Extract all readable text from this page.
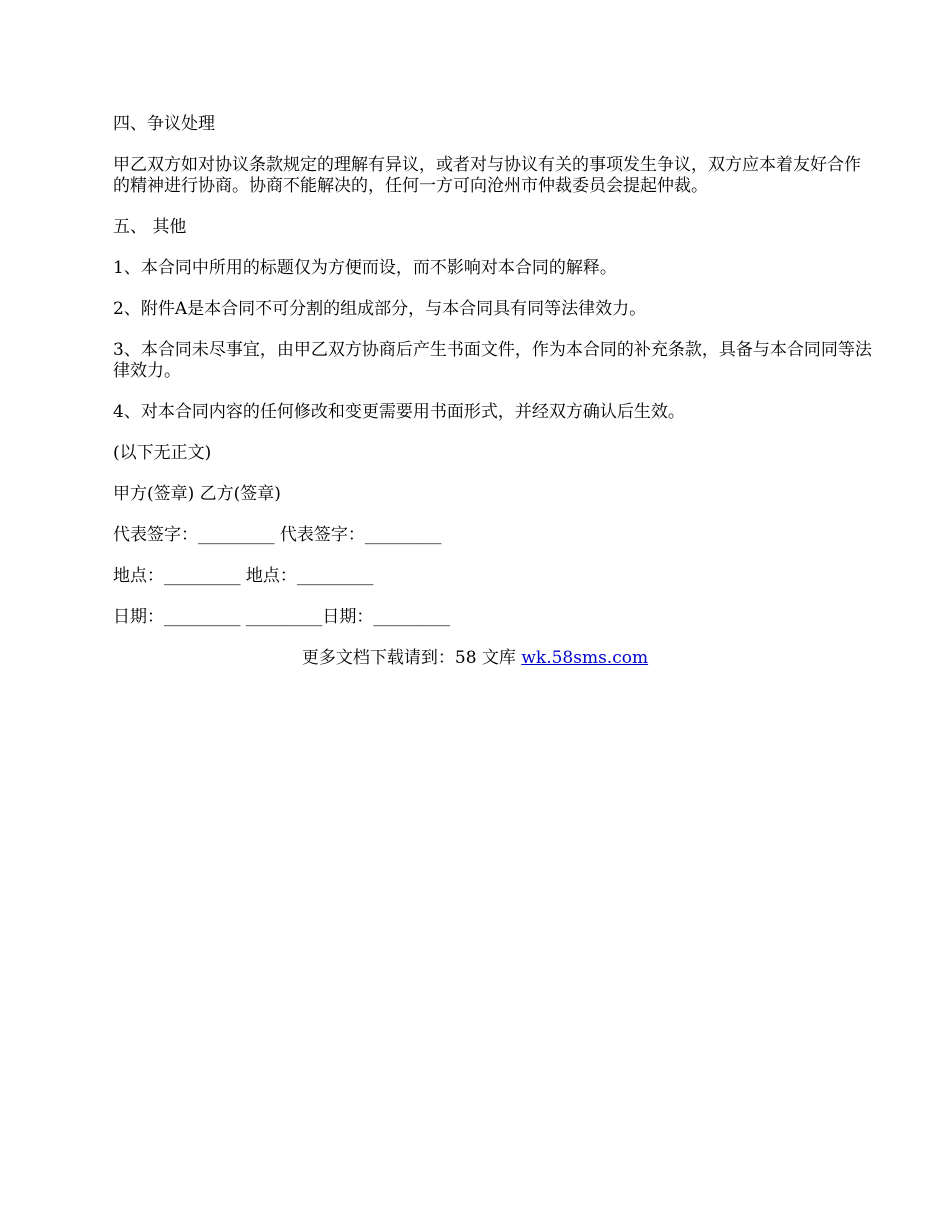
四、争议处理

甲乙双方如对协议条款规定的理解有异议，或者对与协议有关的事项发生争议，双方应本着友好合作的精神进行协商。协商不能解决的，任何一方可向沧州市仲裁委员会提起仲裁。

五、 其他

1、本合同中所用的标题仅为方便而设，而不影响对本合同的解释。

2、附件A是本合同不可分割的组成部分，与本合同具有同等法律效力。

3、本合同未尽事宜，由甲乙双方协商后产生书面文件，作为本合同的补充条款，具备与本合同同等法律效力。

4、对本合同内容的任何修改和变更需要用书面形式，并经双方确认后生效。

(以下无正文)

甲方(签章) 乙方(签章)

代表签字：_________ 代表签字：_________

地点：_________ 地点：_________

日期：_________ _________日期：_________

更多文档下载请到：58 文库 wk.58sms.com
